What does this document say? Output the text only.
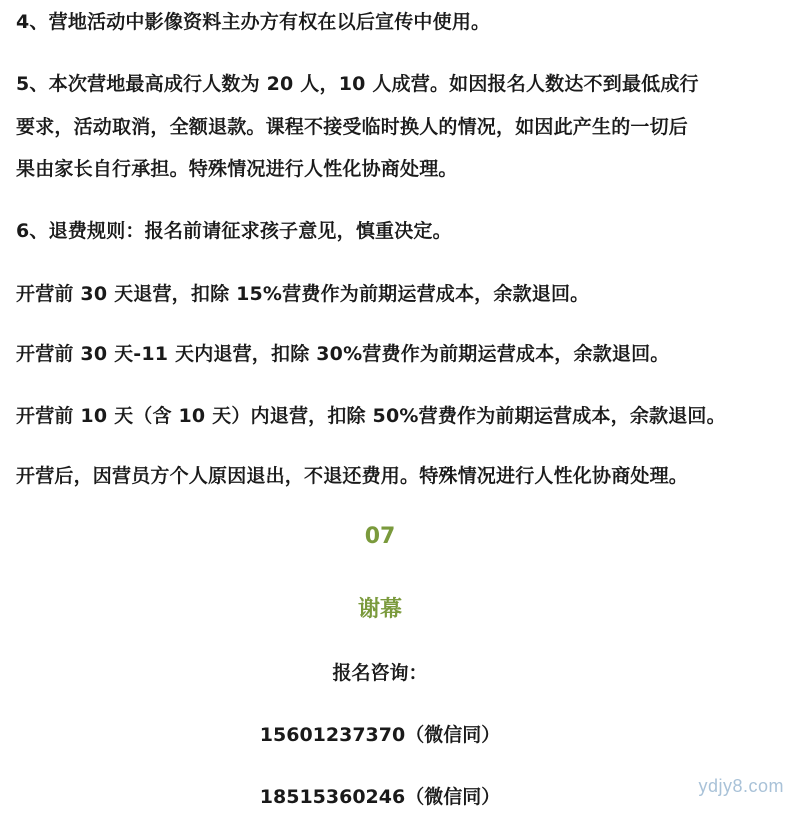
4、营地活动中影像资料主办方有权在以后宣传中使用。
5、本次营地最高成行人数为 20 人，10 人成营。如因报名人数达不到最低成行
要求，活动取消，全额退款。课程不接受临时换人的情况，如因此产生的一切后
果由家长自行承担。特殊情况进行人性化协商处理。
6、退费规则：报名前请征求孩子意见，慎重决定。
开营前 30 天退营，扣除 15%营费作为前期运营成本，余款退回。
开营前 30 天-11 天内退营，扣除 30%营费作为前期运营成本，余款退回。
开营前 10 天（含 10 天）内退营，扣除 50%营费作为前期运营成本，余款退回。
开营后，因营员方个人原因退出，不退还费用。特殊情况进行人性化协商处理。
07
谢幕
报名咨询：
15601237370（微信同）
18515360246（微信同）	ydjy8.com
